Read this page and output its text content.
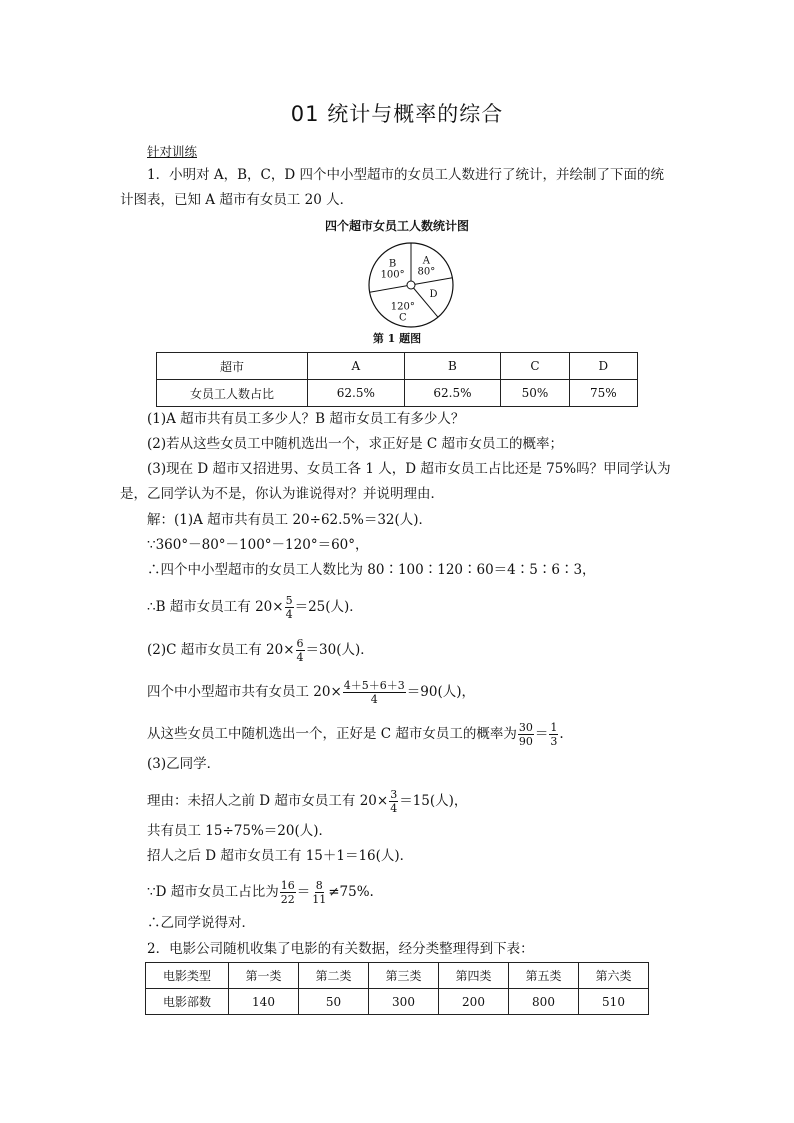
01 统计与概率的综合
针对训练
1．小明对 A，B，C，D 四个中小型超市的女员工人数进行了统计，并绘制了下面的统
计图表，已知 A 超市有女员工 20 人．
四个超市女员工人数统计图
A 80°
D
120° C
B 100°
第 1 题图
超市	A	B	C	D
女员工人数占比	62.5%	62.5%	50%	75%
(1)A 超市共有员工多少人？B 超市女员工有多少人？
(2)若从这些女员工中随机选出一个，求正好是 C 超市女员工的概率；
(3)现在 D 超市又招进男、女员工各 1 人，D 超市女员工占比还是 75%吗？甲同学认为
是，乙同学认为不是，你认为谁说得对？并说明理由．
解：(1)A 超市共有员工 20÷62.5%＝32(人)．
∵360°－80°－100°－120°＝60°，
∴四个中小型超市的女员工人数比为 80∶100∶120∶60＝4∶5∶6∶3，
∴B 超市女员工有 $20\times \frac{5}{4} =25$(人)．
(2)C 超市女员工有 $20\times \frac{6}{4} =30$(人)．
四个中小型超市共有女员工 $20\times \frac{4+5+6+3}{4} =90$(人)，
从这些女员工中随机选出一个，正好是 C 超市女员工的概率为 $\frac{30}{90} = \frac{1}{3}$ .
(3)乙同学．
理由：未招人之前 D 超市女员工有 $20\times \frac{3}{4} =15$(人)，
共有员工 15÷75%＝20(人)．
招人之后 D 超市女员工有 15＋1＝16(人)．
∵D 超市女员工占比为 $\frac{16}{22} = \frac{8}{11} \ne 75\%$.
∴乙同学说得对．
2．电影公司随机收集了电影的有关数据，经分类整理得到下表：
电影类型	第一类	第二类	第三类	第四类	第五类	第六类
电影部数	140	50	300	200	800	510
